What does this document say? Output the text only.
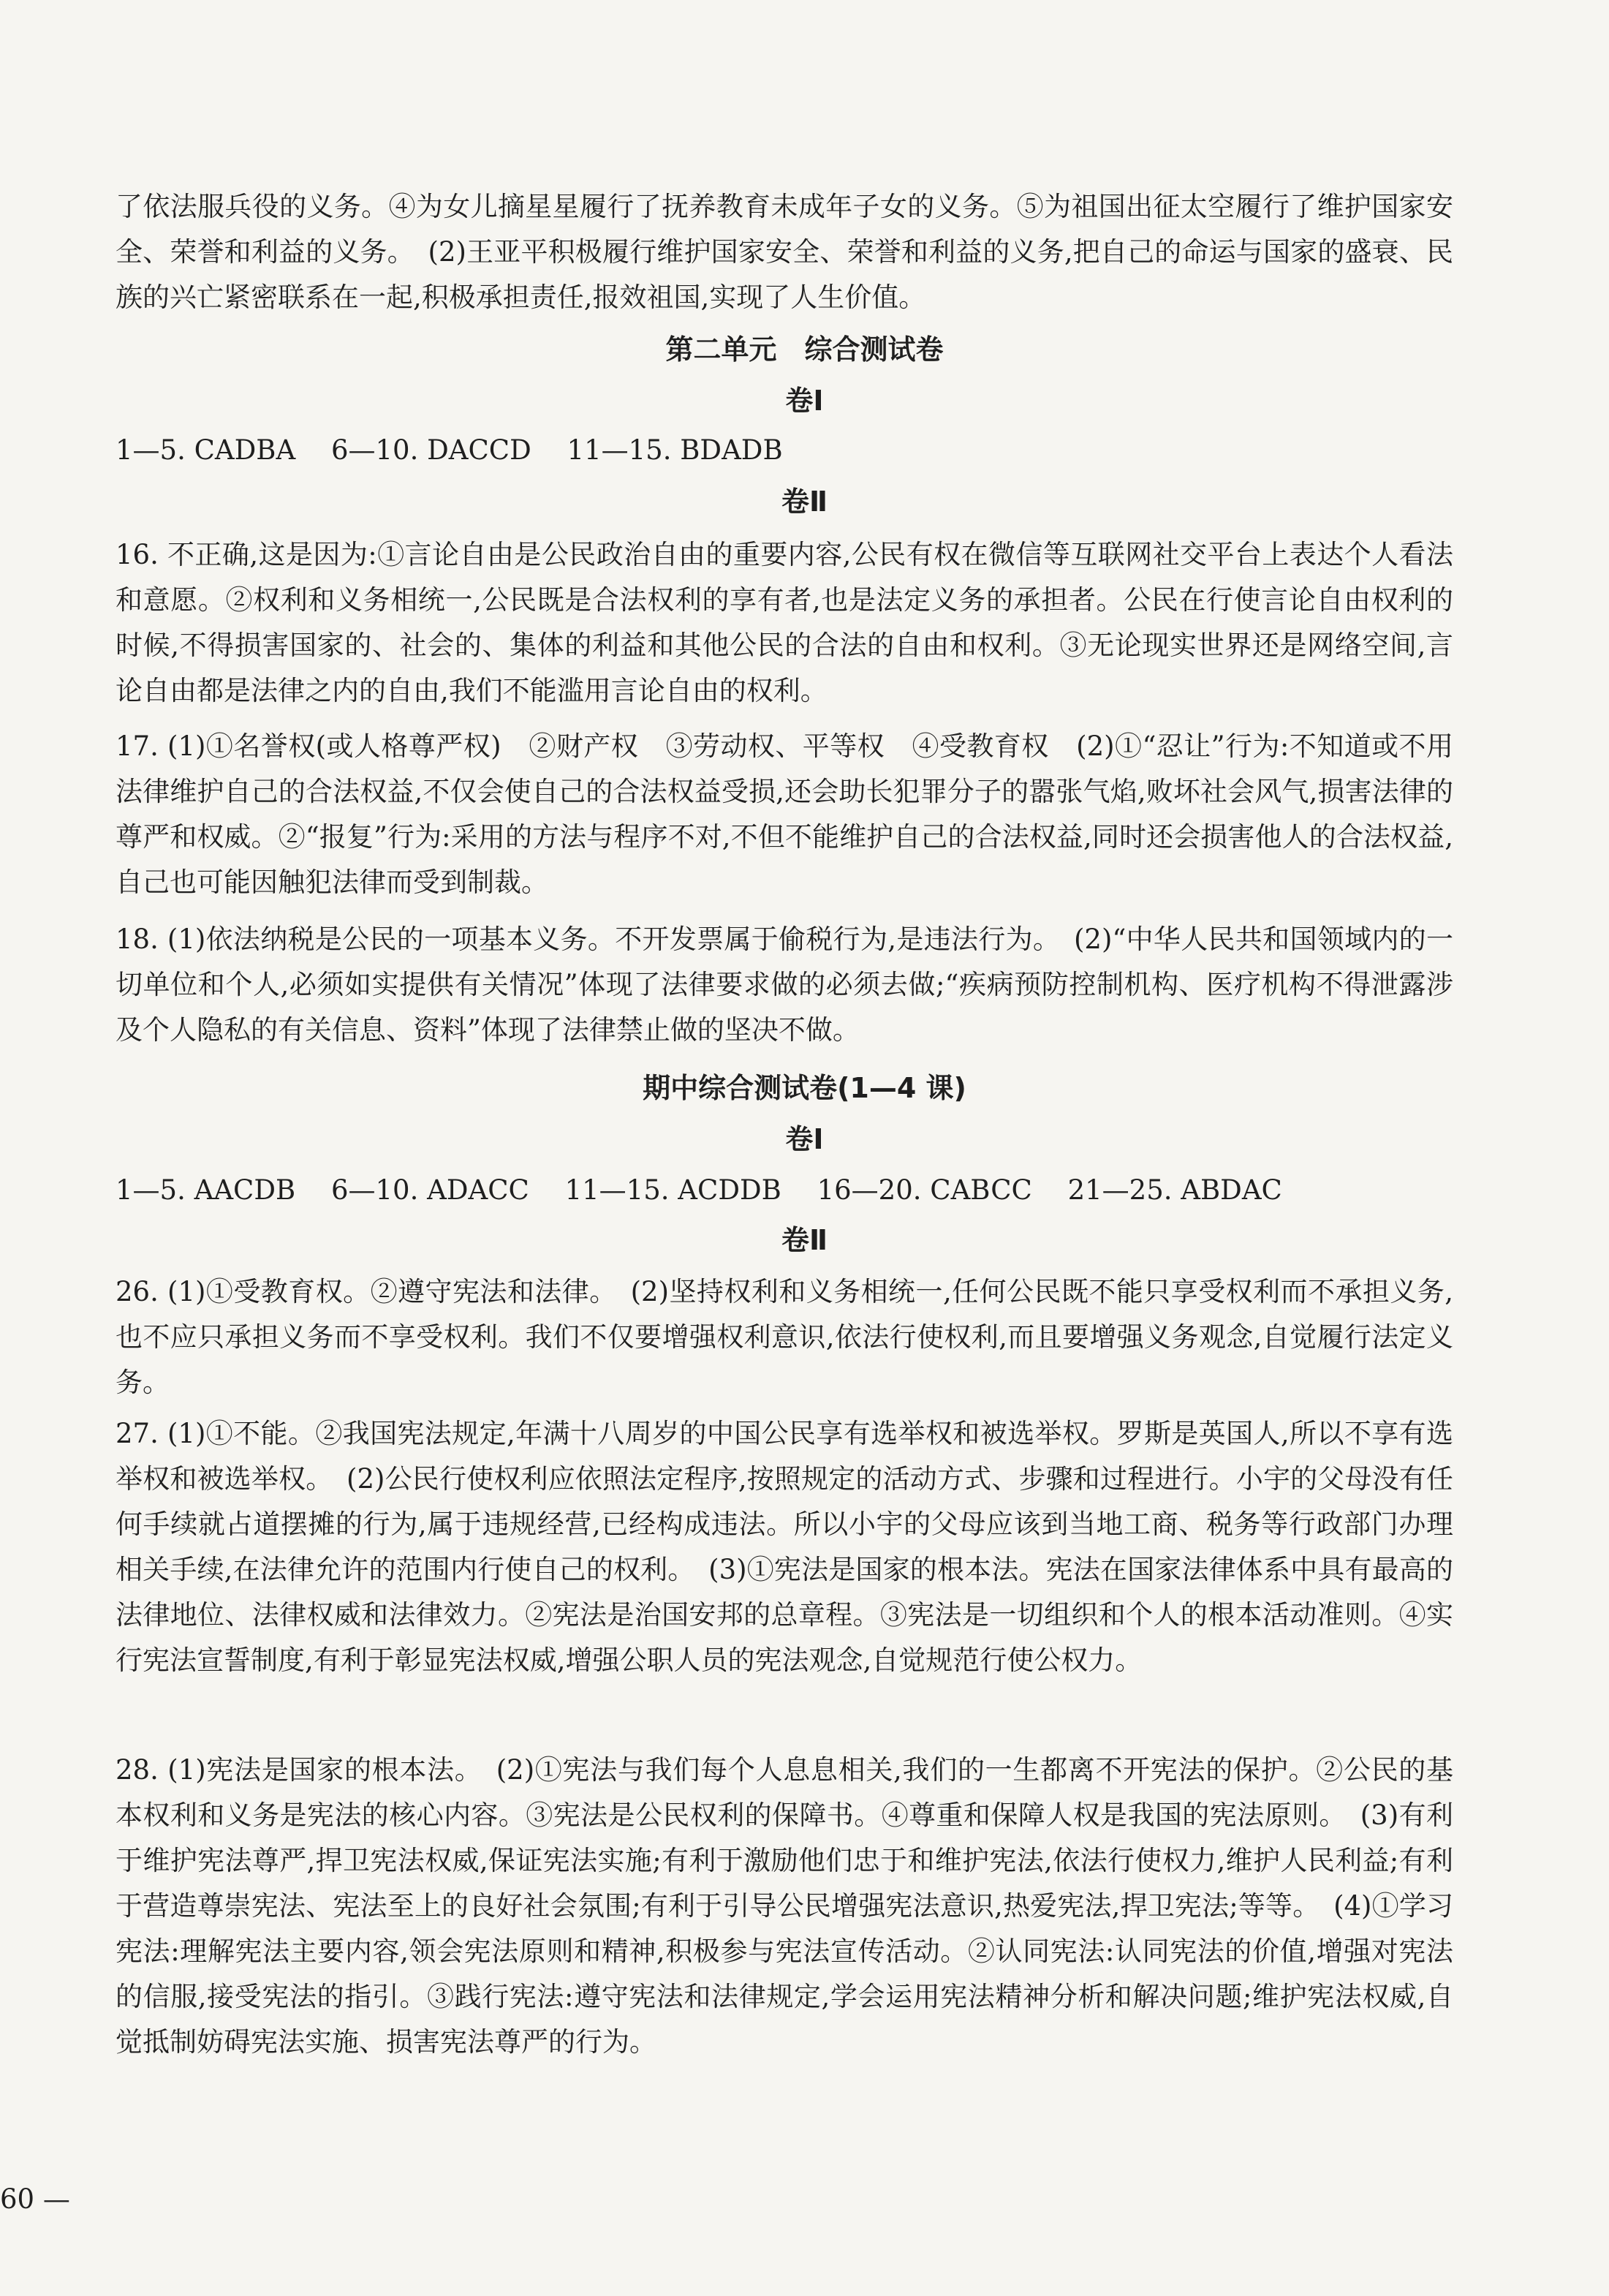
了依法服兵役的义务。④为女儿摘星星履行了抚养教育未成年子女的义务。⑤为祖国出征太空履行了维护国家安全、荣誉和利益的义务。　(2)王亚平积极履行维护国家安全、荣誉和利益的义务,把自己的命运与国家的盛衰、民族的兴亡紧密联系在一起,积极承担责任,报效祖国,实现了人生价值。

第二单元　综合测试卷
卷Ⅰ

1—5. CADBA　 6—10. DACCD　 11—15. BDADB

卷Ⅱ

16. 不正确,这是因为:①言论自由是公民政治自由的重要内容,公民有权在微信等互联网社交平台上表达个人看法和意愿。②权利和义务相统一,公民既是合法权利的享有者,也是法定义务的承担者。公民在行使言论自由权利的时候,不得损害国家的、社会的、集体的利益和其他公民的合法的自由和权利。③无论现实世界还是网络空间,言论自由都是法律之内的自由,我们不能滥用言论自由的权利。

17. (1)①名誉权(或人格尊严权)　②财产权　③劳动权、平等权　④受教育权　(2)①“忍让”行为:不知道或不用法律维护自己的合法权益,不仅会使自己的合法权益受损,还会助长犯罪分子的嚣张气焰,败坏社会风气,损害法律的尊严和权威。②“报复”行为:采用的方法与程序不对,不但不能维护自己的合法权益,同时还会损害他人的合法权益,自己也可能因触犯法律而受到制裁。

18. (1)依法纳税是公民的一项基本义务。不开发票属于偷税行为,是违法行为。　(2)“中华人民共和国领域内的一切单位和个人,必须如实提供有关情况”体现了法律要求做的必须去做;“疾病预防控制机构、医疗机构不得泄露涉及个人隐私的有关信息、资料”体现了法律禁止做的坚决不做。

期中综合测试卷(1—4 课)
卷Ⅰ

1—5. AACDB　 6—10. ADACC　 11—15. ACDDB　 16—20. CABCC　 21—25. ABDAC

卷Ⅱ

26. (1)①受教育权。②遵守宪法和法律。　(2)坚持权利和义务相统一,任何公民既不能只享受权利而不承担义务,也不应只承担义务而不享受权利。我们不仅要增强权利意识,依法行使权利,而且要增强义务观念,自觉履行法定义务。

27. (1)①不能。②我国宪法规定,年满十八周岁的中国公民享有选举权和被选举权。罗斯是英国人,所以不享有选举权和被选举权。　(2)公民行使权利应依照法定程序,按照规定的活动方式、步骤和过程进行。小宇的父母没有任何手续就占道摆摊的行为,属于违规经营,已经构成违法。所以小宇的父母应该到当地工商、税务等行政部门办理相关手续,在法律允许的范围内行使自己的权利。　(3)①宪法是国家的根本法。宪法在国家法律体系中具有最高的法律地位、法律权威和法律效力。②宪法是治国安邦的总章程。③宪法是一切组织和个人的根本活动准则。④实行宪法宣誓制度,有利于彰显宪法权威,增强公职人员的宪法观念,自觉规范行使公权力。

28. (1)宪法是国家的根本法。　(2)①宪法与我们每个人息息相关,我们的一生都离不开宪法的保护。②公民的基本权利和义务是宪法的核心内容。③宪法是公民权利的保障书。④尊重和保障人权是我国的宪法原则。　(3)有利于维护宪法尊严,捍卫宪法权威,保证宪法实施;有利于激励他们忠于和维护宪法,依法行使权力,维护人民利益;有利于营造尊崇宪法、宪法至上的良好社会氛围;有利于引导公民增强宪法意识,热爱宪法,捍卫宪法;等等。　(4)①学习宪法:理解宪法主要内容,领会宪法原则和精神,积极参与宪法宣传活动。②认同宪法:认同宪法的价值,增强对宪法的信服,接受宪法的指引。③践行宪法:遵守宪法和法律规定,学会运用宪法精神分析和解决问题;维护宪法权威,自觉抵制妨碍宪法实施、损害宪法尊严的行为。

60 —
